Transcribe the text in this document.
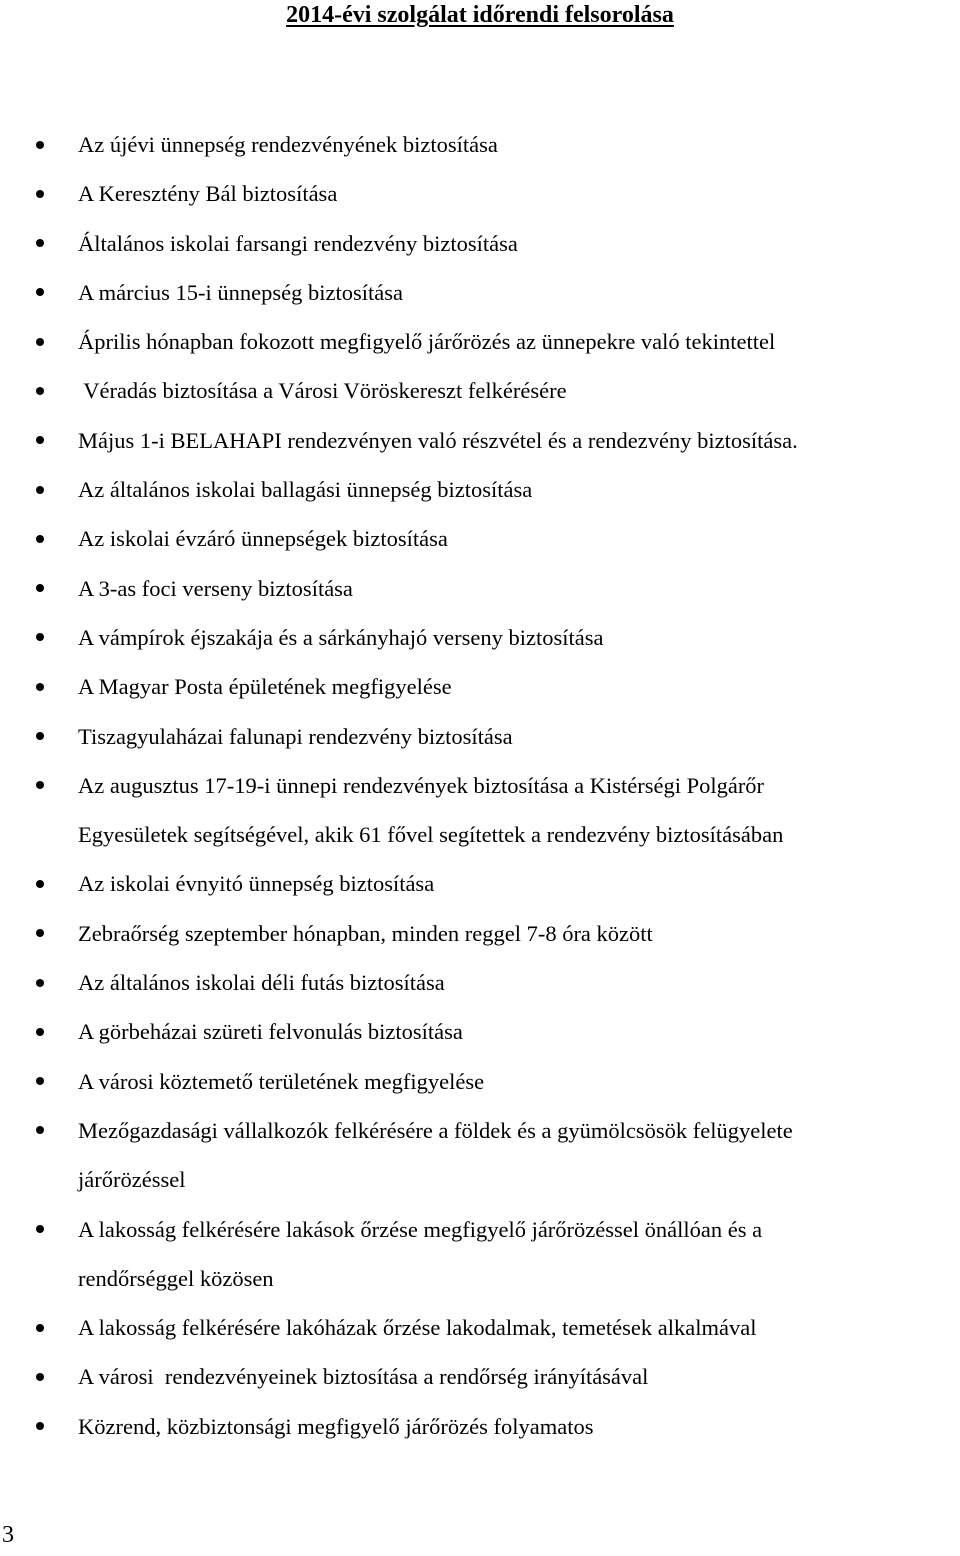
2014-évi szolgálat időrendi felsorolása
Az újévi ünnepség rendezvényének biztosítása
A Keresztény Bál biztosítása
Általános iskolai farsangi rendezvény biztosítása
A március 15-i ünnepség biztosítása
Április hónapban fokozott megfigyelő járőrözés az ünnepekre való tekintettel
Véradás biztosítása a Városi Vöröskereszt felkérésére
Május 1-i BELAHAPI rendezvényen való részvétel és a rendezvény biztosítása.
Az általános iskolai ballagási ünnepség biztosítása
Az iskolai évzáró ünnepségek biztosítása
A 3-as foci verseny biztosítása
A vámpírok éjszakája és a sárkányhajó verseny biztosítása
A Magyar Posta épületének megfigyelése
Tiszagyulaházai falunapi rendezvény biztosítása
Az augusztus 17-19-i ünnepi rendezvények biztosítása a Kistérségi Polgárőr
Egyesületek segítségével, akik 61 fővel segítettek a rendezvény biztosításában
Az iskolai évnyitó ünnepség biztosítása
Zebraőrség szeptember hónapban, minden reggel 7-8 óra között
Az általános iskolai déli futás biztosítása
A görbeházai szüreti felvonulás biztosítása
A városi köztemető területének megfigyelése
Mezőgazdasági vállalkozók felkérésére a földek és a gyümölcsösök felügyelete
járőrözéssel
A lakosság felkérésére lakások őrzése megfigyelő járőrözéssel önállóan és a
rendőrséggel közösen
A lakosság felkérésére lakóházak őrzése lakodalmak, temetések alkalmával
A városi  rendezvényeinek biztosítása a rendőrség irányításával
Közrend, közbiztonsági megfigyelő járőrözés folyamatos
3
